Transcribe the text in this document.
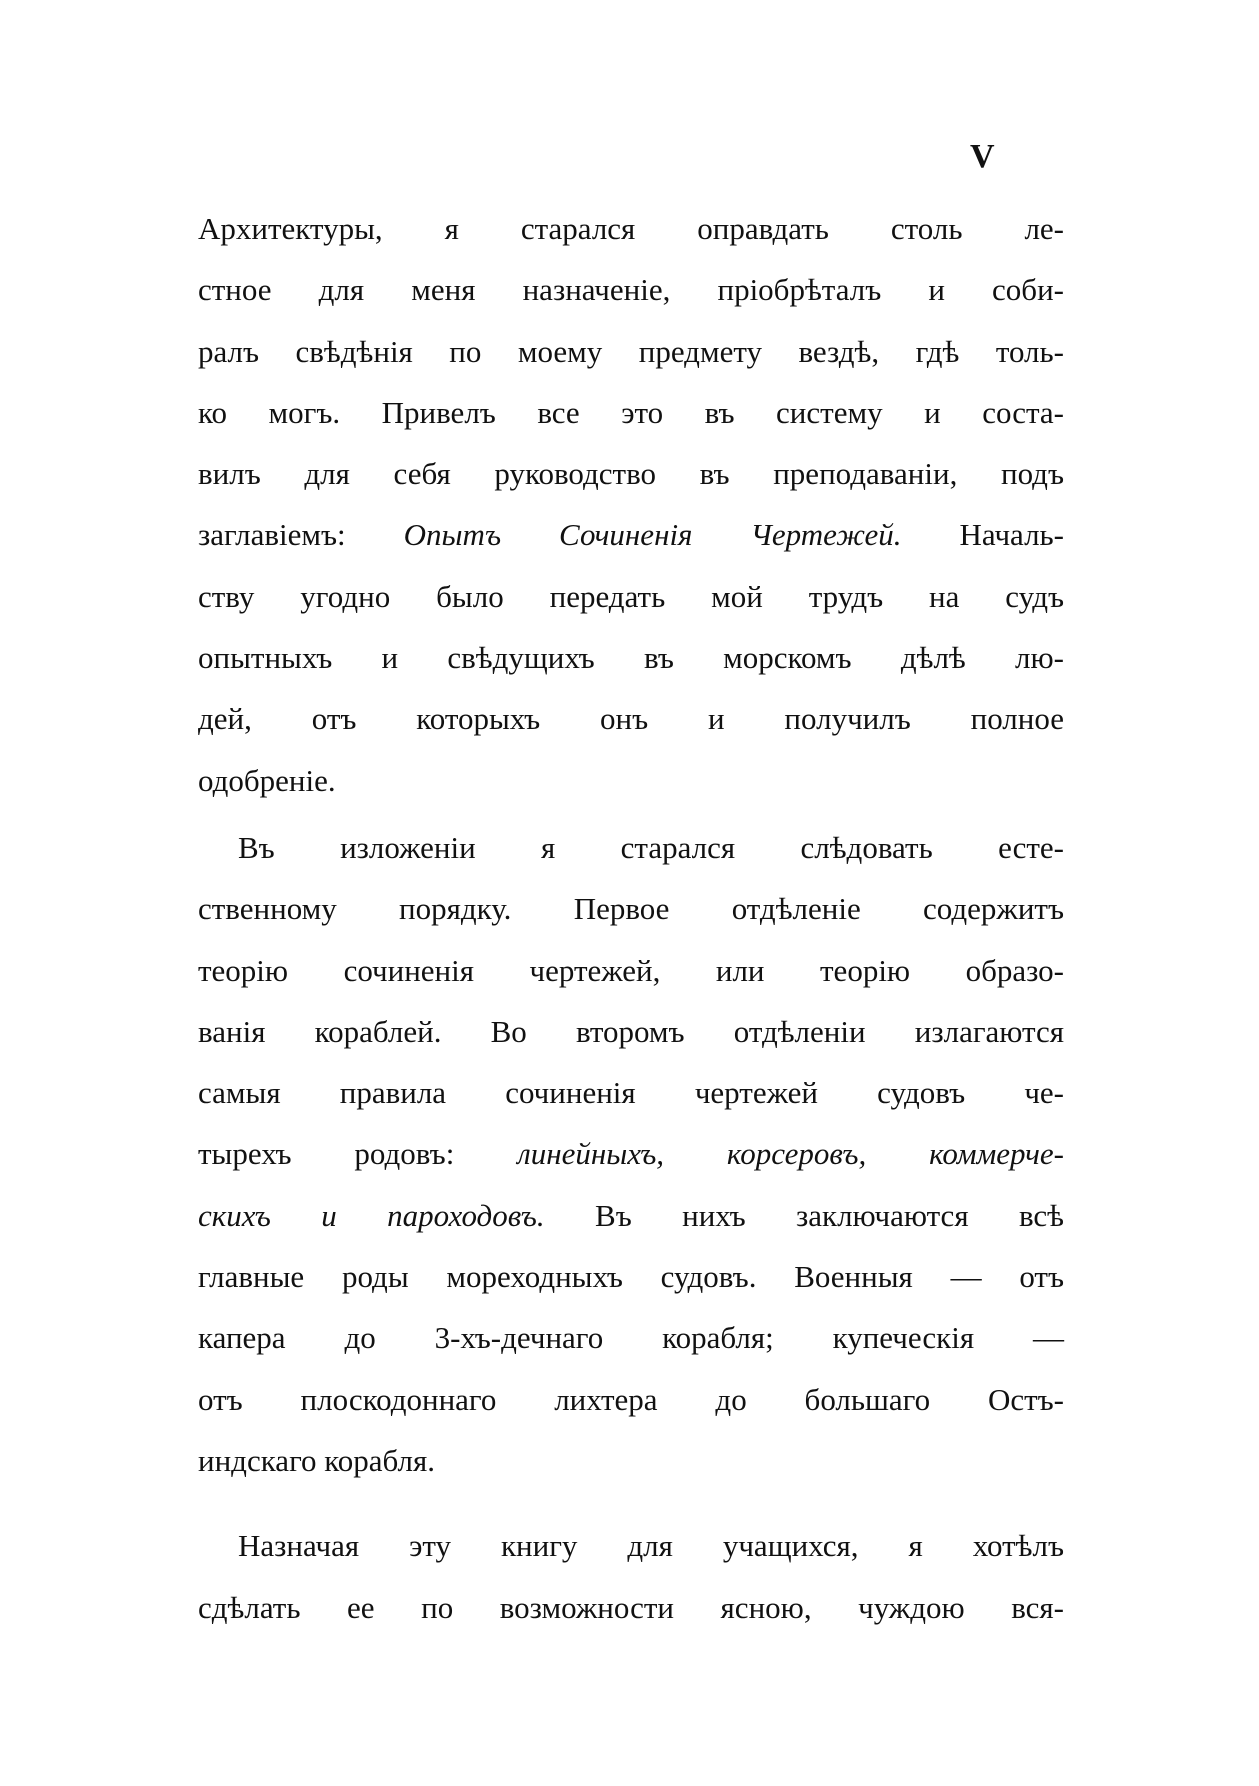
V
Архитектуры, я старался оправдать столь ле-
стное для меня назначеніе, пріобрѣталъ и соби-
ралъ свѣдѣнія по моему предмету вездѣ, гдѣ толь-
ко могъ. Привелъ все это въ систему и соста-
вилъ для себя руководство въ преподаваніи, подъ
заглавіемъ: Опытъ Сочиненія Чертежей. Началь-
ству угодно было передать мой трудъ на судъ
опытныхъ и свѣдущихъ въ морскомъ дѣлѣ лю-
дей, отъ которыхъ онъ и получилъ полное
одобреніе.
Въ изложеніи я старался слѣдовать есте-
ственному порядку. Первое отдѣленіе содержитъ
теорію сочиненія чертежей, или теорію образо-
ванія кораблей. Во второмъ отдѣленіи излагаются
самыя правила сочиненія чертежей судовъ че-
тырехъ родовъ: линейныхъ, корсеровъ, коммерче-
скихъ и пароходовъ. Въ нихъ заключаются всѣ
главные роды мореходныхъ судовъ. Военныя — отъ
капера до 3-хъ-дечнаго корабля; купеческія —
отъ плоскодоннаго лихтера до большаго Остъ-
индскаго корабля.
Назначая эту книгу для учащихся, я хотѣлъ
сдѣлать ее по возможности ясною, чуждою вся-
